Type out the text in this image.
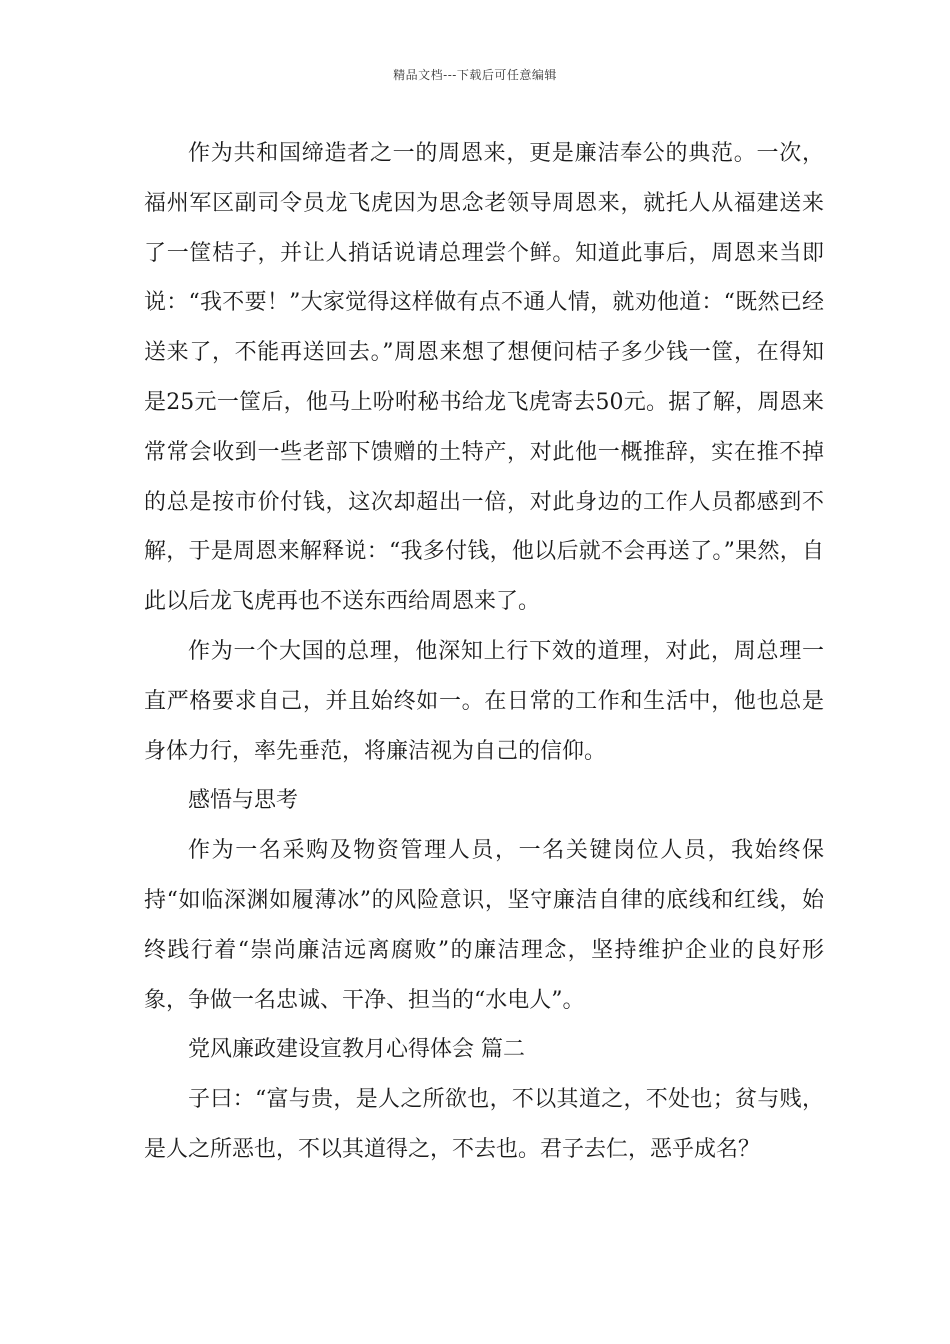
精品文档---下载后可任意编辑

作为共和国缔造者之一的周恩来，更是廉洁奉公的典范。一次，福州军区副司令员龙飞虎因为思念老领导周恩来，就托人从福建送来了一筐桔子，并让人捎话说请总理尝个鲜。知道此事后，周恩来当即说：“我不要！”大家觉得这样做有点不通人情，就劝他道：“既然已经送来了，不能再送回去。”周恩来想了想便问桔子多少钱一筐，在得知是25元一筐后，他马上吩咐秘书给龙飞虎寄去50元。据了解，周恩来常常会收到一些老部下馈赠的土特产，对此他一概推辞，实在推不掉的总是按市价付钱，这次却超出一倍，对此身边的工作人员都感到不解，于是周恩来解释说：“我多付钱，他以后就不会再送了。”果然，自此以后龙飞虎再也不送东西给周恩来了。

作为一个大国的总理，他深知上行下效的道理，对此，周总理一直严格要求自己，并且始终如一。在日常的工作和生活中，他也总是身体力行，率先垂范，将廉洁视为自己的信仰。

感悟与思考

作为一名采购及物资管理人员，一名关键岗位人员，我始终保持“如临深渊如履薄冰”的风险意识，坚守廉洁自律的底线和红线，始终践行着“崇尚廉洁远离腐败”的廉洁理念，坚持维护企业的良好形象，争做一名忠诚、干净、担当的“水电人”。

党风廉政建设宣教月心得体会 篇二

子曰：“富与贵，是人之所欲也，不以其道之，不处也；贫与贱，是人之所恶也，不以其道得之，不去也。君子去仁，恶乎成名？
